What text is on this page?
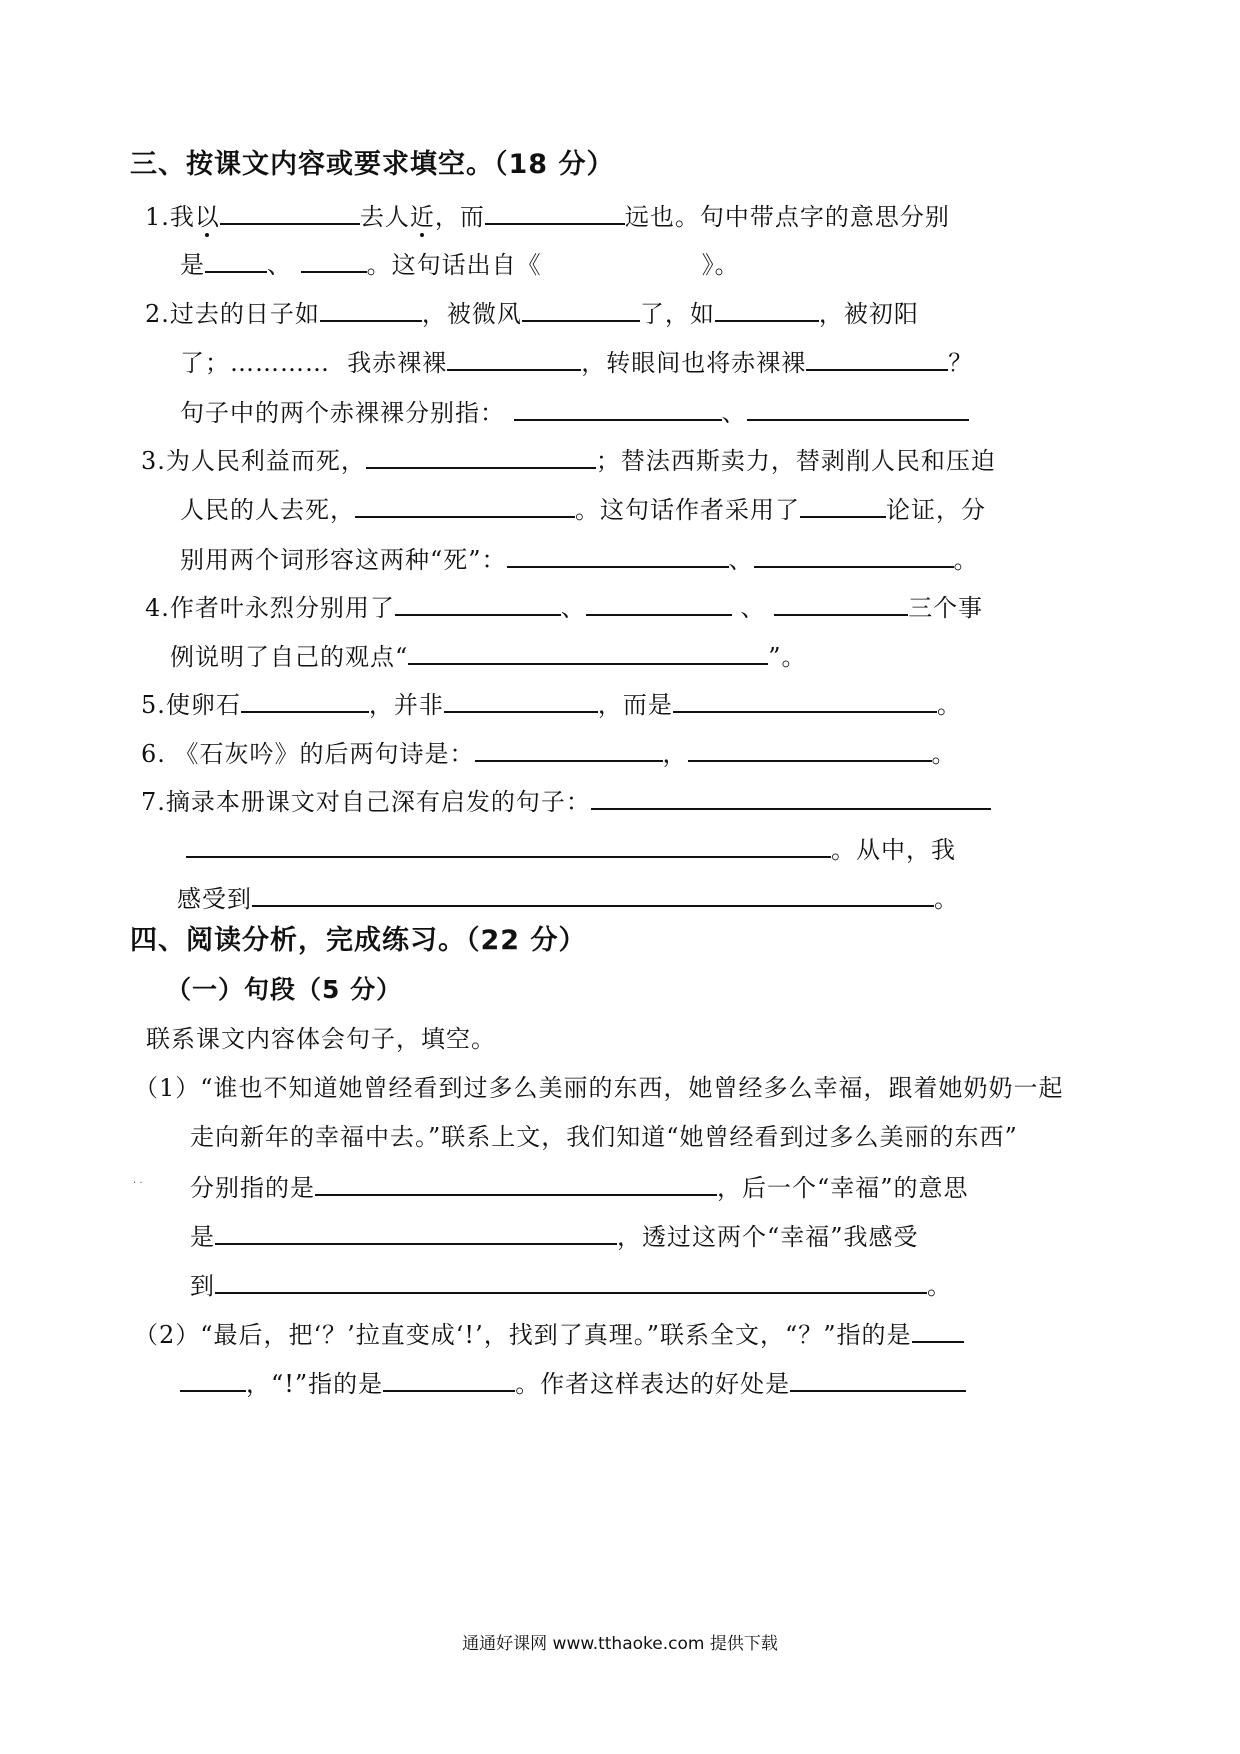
三、按课文内容或要求填空。（18 分）
1.我以	去人近，而	远也。句中带点字的意思分别
是	、	。这句话出自《	》。
2.过去的日子如	，被微风	了，如	，被初阳
了；………… 我赤裸裸	，转眼间也将赤裸裸	？
句子中的两个赤裸裸分别指：	、
3.为人民利益而死，	；替法西斯卖力，替剥削人民和压迫
人民的人去死，	。这句话作者采用了	论证，分
别用两个词形容这两种“死”：	、	。
4.作者叶永烈分别用了	、	、	三个事
例说明了自己的观点“	”。
5.使卵石	，并非	，而是	。
6. 《石灰吟》的后两句诗是：	，	。
7.摘录本册课文对自己深有启发的句子：
。从中，我
感受到	。
四、阅读分析，完成练习。（22 分）
（一）句段（5 分）
. .
联系课文内容体会句子，填空。
（1）“谁也不知道她曾经看到过多么美丽的东西，她曾经多么幸福，跟着她奶奶一起
走向新年的幸福中去。”联系上文，我们知道“她曾经看到过多么美丽的东西”
分别指的是	，后一个“幸福”的意思
是	，透过这两个“幸福”我感受
到	。
（2）“最后，把‘？’拉直变成‘!’，找到了真理。”联系全文，“？”指的是
，“!”指的是	。作者这样表达的好处是
通通好课网 www.tthaoke.com 提供下载
